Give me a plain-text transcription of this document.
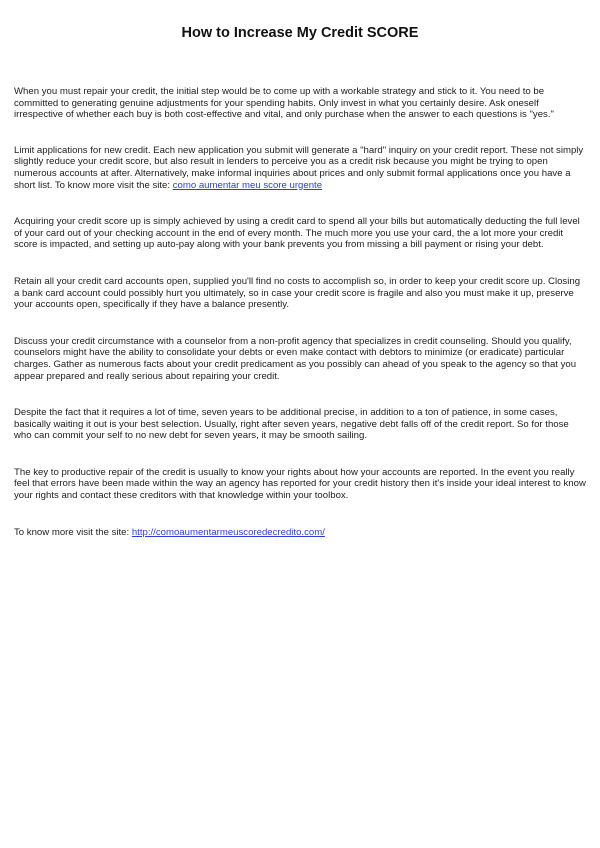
How to Increase My Credit SCORE

When you must repair your credit, the initial step would be to come up with a workable strategy and stick to it. You need to be committed to generating genuine adjustments for your spending habits. Only invest in what you certainly desire. Ask oneself irrespective of whether each buy is both cost-effective and vital, and only purchase when the answer to each questions is "yes."

Limit applications for new credit. Each new application you submit will generate a "hard" inquiry on your credit report. These not simply slightly reduce your credit score, but also result in lenders to perceive you as a credit risk because you might be trying to open numerous accounts at after. Alternatively, make informal inquiries about prices and only submit formal applications once you have a short list. To know more visit the site: como aumentar meu score urgente

Acquiring your credit score up is simply achieved by using a credit card to spend all your bills but automatically deducting the full level of your card out of your checking account in the end of every month. The much more you use your card, the a lot more your credit score is impacted, and setting up auto-pay along with your bank prevents you from missing a bill payment or rising your debt.

Retain all your credit card accounts open, supplied you'll find no costs to accomplish so, in order to keep your credit score up. Closing a bank card account could possibly hurt you ultimately, so in case your credit score is fragile and also you must make it up, preserve your accounts open, specifically if they have a balance presently.

Discuss your credit circumstance with a counselor from a non-profit agency that specializes in credit counseling. Should you qualify, counselors might have the ability to consolidate your debts or even make contact with debtors to minimize (or eradicate) particular charges. Gather as numerous facts about your credit predicament as you possibly can ahead of you speak to the agency so that you appear prepared and really serious about repairing your credit.

Despite the fact that it requires a lot of time, seven years to be additional precise, in addition to a ton of patience, in some cases, basically waiting it out is your best selection. Usually, right after seven years, negative debt falls off of the credit report. So for those who can commit your self to no new debt for seven years, it may be smooth sailing.

The key to productive repair of the credit is usually to know your rights about how your accounts are reported. In the event you really feel that errors have been made within the way an agency has reported for your credit history then it's inside your ideal interest to know your rights and contact these creditors with that knowledge within your toolbox.

To know more visit the site: http://comoaumentarmeuscoredecredito.com/
